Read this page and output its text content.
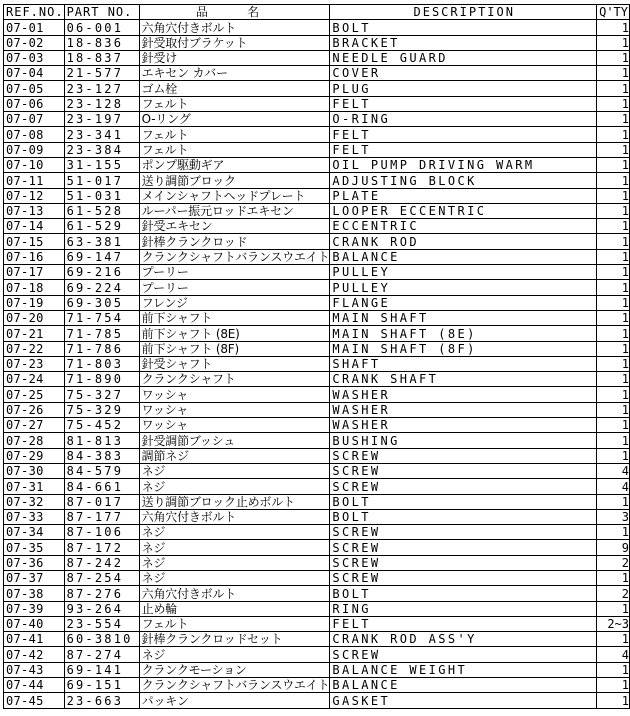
REF.NO.	PART NO.	品 名	DESCRIPTION	Q'TY
07-01	06-001	六角穴付きボルト	BOLT	1
07-02	18-836	針受取付ブラケット	BRACKET	1
07-03	18-837	針受け	NEEDLE GUARD	1
07-04	21-577	エキセン カバー	COVER	1
07-05	23-127	ゴム栓	PLUG	1
07-06	23-128	フェルト	FELT	1
07-07	23-197	O-リング	O-RING	1
07-08	23-341	フェルト	FELT	1
07-09	23-384	フェルト	FELT	1
07-10	31-155	ポンプ駆動ギア	OIL PUMP DRIVING WARM	1
07-11	51-017	送り調節ブロック	ADJUSTING BLOCK	1
07-12	51-031	メインシャフトヘッドプレート	PLATE	1
07-13	61-528	ルーパー振元ロッドエキセン	LOOPER ECCENTRIC	1
07-14	61-529	針受エキセン	ECCENTRIC	1
07-15	63-381	針棒クランクロッド	CRANK ROD	1
07-16	69-147	クランクシャフトバランスウエイト	BALANCE	1
07-17	69-216	プーリー	PULLEY	1
07-18	69-224	プーリー	PULLEY	1
07-19	69-305	フレンジ	FLANGE	1
07-20	71-754	前下シャフト	MAIN SHAFT	1
07-21	71-785	前下シャフト (8E)	MAIN SHAFT (8E)	1
07-22	71-786	前下シャフト (8F)	MAIN SHAFT (8F)	1
07-23	71-803	針受シャフト	SHAFT	1
07-24	71-890	クランクシャフト	CRANK SHAFT	1
07-25	75-327	ワッシャ	WASHER	1
07-26	75-329	ワッシャ	WASHER	1
07-27	75-452	ワッシャ	WASHER	1
07-28	81-813	針受調節ブッシュ	BUSHING	1
07-29	84-383	調節ネジ	SCREW	1
07-30	84-579	ネジ	SCREW	4
07-31	84-661	ネジ	SCREW	4
07-32	87-017	送り調節ブロック止めボルト	BOLT	1
07-33	87-177	六角穴付きボルト	BOLT	3
07-34	87-106	ネジ	SCREW	1
07-35	87-172	ネジ	SCREW	9
07-36	87-242	ネジ	SCREW	2
07-37	87-254	ネジ	SCREW	1
07-38	87-276	六角穴付きボルト	BOLT	2
07-39	93-264	止め輪	RING	1
07-40	23-554	フェルト	FELT	2~3
07-41	60-3810	針棒クランクロッドセット	CRANK ROD ASS'Y	1
07-42	87-274	ネジ	SCREW	4
07-43	69-141	クランクモーション	BALANCE WEIGHT	1
07-44	69-151	クランクシャフトバランスウエイト	BALANCE	1
07-45	23-663	パッキン	GASKET	1
